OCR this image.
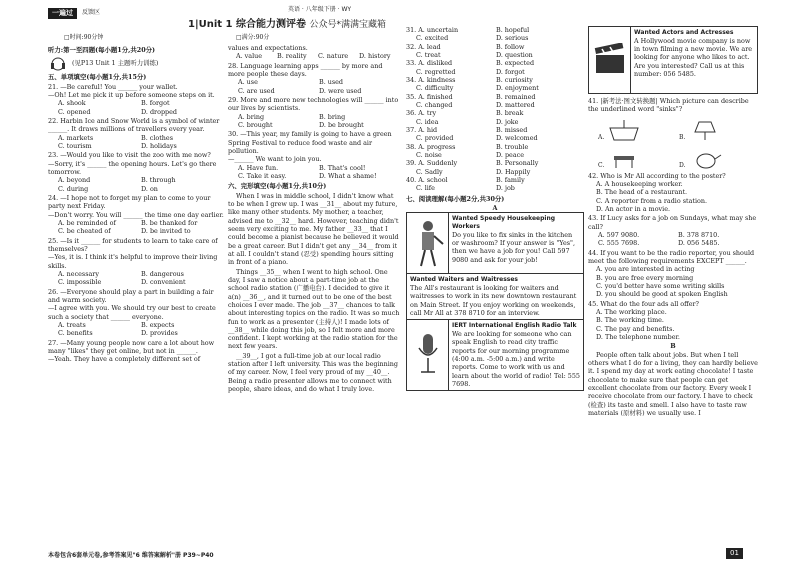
一遍过	反馈区	英语 · 八年级下册 · WY
1|Unit 1 综合能力测评卷 公众号*满满宝藏箱
□时间:90分钟	□满分:90分
听力:第一至四题(每小题1分,共20分)
(见P13 Unit 1 主题听力训练)
五、单项填空(每小题1分,共15分)
21. —Be careful! You ______ your wallet.
—Oh! Let me pick it up before someone steps on it.
A. shook	B. forgot
C. opened	D. dropped
22. Harbin Ice and Snow World is a symbol of winter ______. It draws millions of travellers every year.
A. markets	B. clothes
C. tourism	D. holidays
23. —Would you like to visit the zoo with me now?
—Sorry, it's ______ the opening hours. Let's go there tomorrow.
A. beyond	B. through
C. during	D. on
24. —I hope not to forget my plan to come to your party next Friday.
—Don't worry. You will ______ the time one day earlier.
A. be reminded of	B. be thanked for
C. be cheated of	D. be invited to
25. —Is it ______ for students to learn to take care of themselves?
—Yes, it is. I think it's helpful to improve their living skills.
A. necessary	B. dangerous
C. impossible	D. convenient
26. —Everyone should play a part in building a fair and warm society.
—I agree with you. We should try our best to create such a society that ______ everyone.
A. treats	B. expects
C. benefits	D. provides
27. —Many young people now care a lot about how many "likes" they get online, but not in ______.
—Yeah. They have a completely different set of
values and expectations.
A. value	B. reality	C. nature	D. history
28. Language learning apps ______ by more and more people these days.
A. use	B. used
C. are used	D. were used
29. More and more new technologies will ______ into our lives by scientists.
A. bring	B. bring
C. brought	D. be brought
30. —This year, my family is going to have a green Spring Festival to reduce food waste and air pollution.
—______ We want to join you.
A. Have fun.	B. That's cool!
C. Take it easy.	D. What a shame!
六、完形填空(每小题1分,共10分)

When I was in middle school, I didn't know what to be when I grew up. I was __31__ about my future, like many other students. My mother, a teacher, advised me to __32__ hard. However, teaching didn't seem very exciting to me. My father __33__ that I could become a pianist because he believed it would be a great career. But I didn't get any __34__ from it at all. I couldn't stand (忍受) spending hours sitting in front of a piano.

Things __35__ when I went to high school. One day, I saw a notice about a part-time job at the school radio station (广播电台). I decided to give it a(n) __36__, and it turned out to be one of the best choices I ever made. The job __37__ chances to talk about interesting topics on the radio. It was so much fun to work as a presenter (主持人)! I made lots of __38__ while doing this job, so I felt more and more confident. I kept working at the radio station for the next few years.

__39__, I got a full-time job at our local radio station after I left university. This was the beginning of my career. Now, I feel very proud of my __40__. Being a radio presenter allows me to connect with people, share ideas, and do what I truly love.

31. A. uncertain	B. hopeful
C. excited	D. serious
32. A. lead	B. follow
C. treat	D. question
33. A. disliked	B. expected
C. regretted	D. forgot
34. A. kindness	B. curiosity
C. difficulty	D. enjoyment
35. A. finished	B. remained
C. changed	D. mattered
36. A. try	B. break
C. idea	D. joke
37. A. hid	B. missed
C. provided	D. welcomed
38. A. progress	B. trouble
C. noise	D. peace
39. A. Suddenly	B. Personally
C. Sadly	D. Happily
40. A. school	B. family
C. life	D. job
七、阅读理解(每小题2分,共30分)
A
Wanted Speedy Housekeeping Workers
Do you like to fix sinks in the kitchen or washroom? If your answer is "Yes", then we have a job for you! Call 597 9080 and ask for your job!
Wanted Waiters and Waitresses
The All's restaurant is looking for waiters and waitresses to work in its new downtown restaurant on Main Street. If you enjoy working on weekends, call Mr All at 378 8710 for an interview.
IERT International English Radio Talk
We are looking for someone who can speak English to read city traffic reports for our morning programme (4:00 a.m. -5:00 a.m.) and write reports. Come to work with us and learn about the world of radio! Tel: 555 7698.
Wanted Actors and Actresses
A Hollywood movie company is now in town filming a new movie. We are looking for anyone who likes to act. Are you interested? Call us at this number: 056 5485.
41. |新考法·图文转换题| Which picture can describe the underlined word "sinks"?
A.	B.
C.	D.
42. Who is Mr All according to the poster?
A. A housekeeping worker.
B. The head of a restaurant.
C. A reporter from a radio station.
D. An actor in a movie.
43. If Lucy asks for a job on Sundays, what may she call?
A. 597 9080.	B. 378 8710.
C. 555 7698.	D. 056 5485.
44. If you want to be the radio reporter, you should meet the following requirements EXCEPT ______.
A. you are interested in acting
B. you are free every morning
C. you'd better have some writing skills
D. you should be good at spoken English
45. What do the four ads all offer?
A. The working place.
B. The working time.
C. The pay and benefits.
D. The telephone number.
B

People often talk about jobs. But when I tell others what I do for a living, they can hardly believe it. I spend my day at work eating chocolate! I taste chocolate to make sure that people can get excellent chocolate from our factory. Every week I receive chocolate from our factory. I have to check (检查) its taste and smell. I also have to taste raw materials (原材料) we usually use. I

本卷包含6套单元卷,参考答案见"6 维答案解析"册 P39~P40	01
